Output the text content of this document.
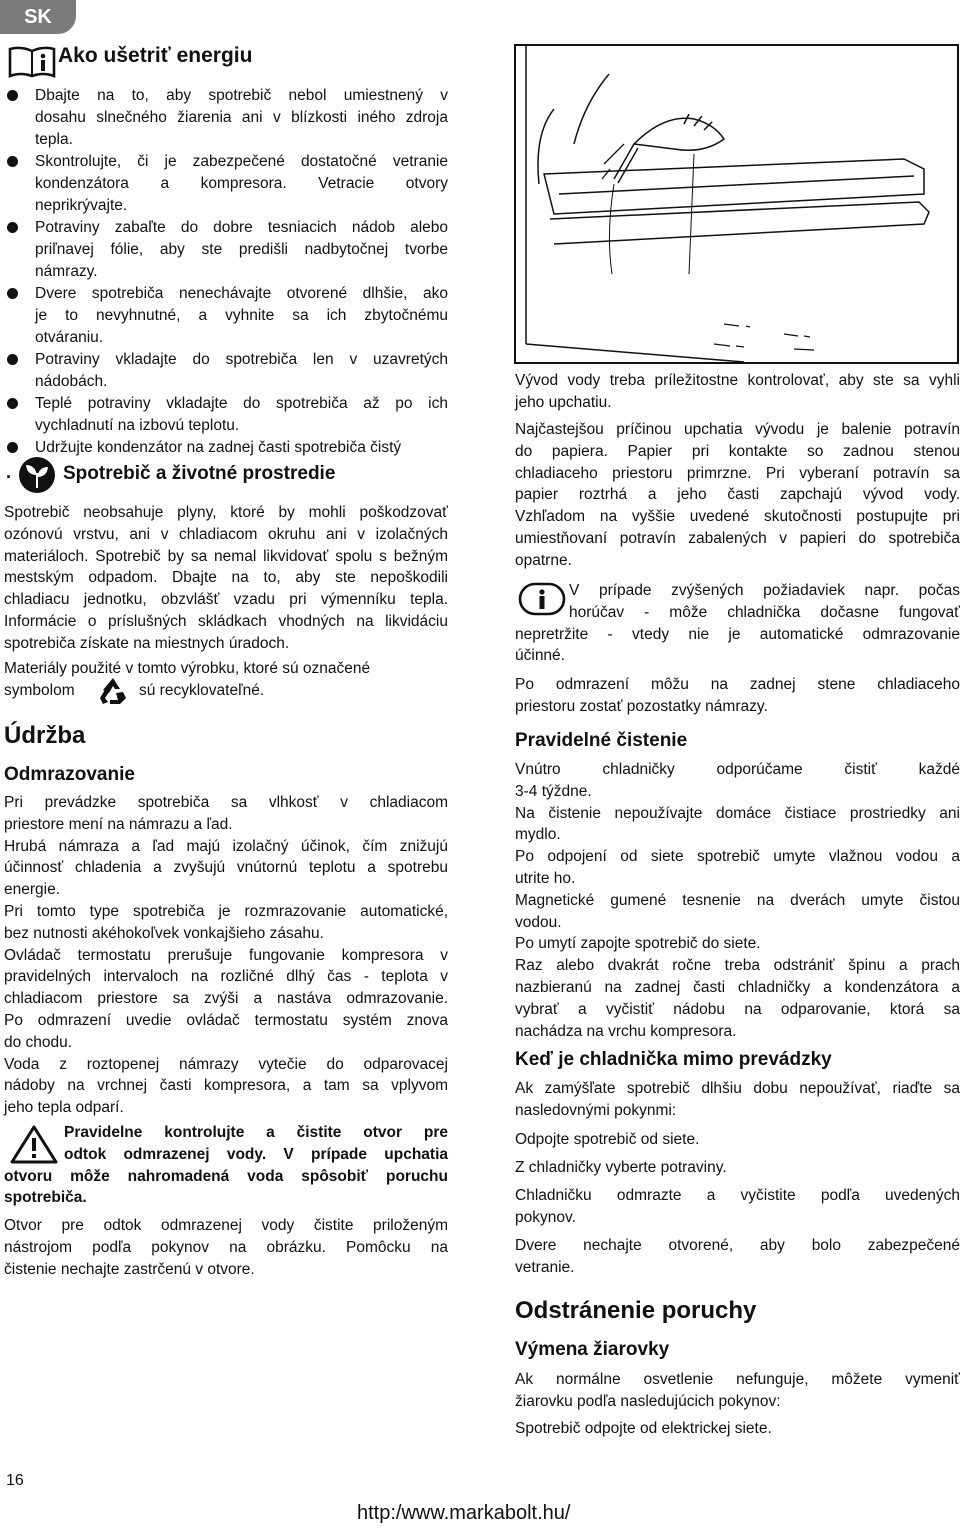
SK
Ako ušetriť energiu
Dbajte na to, aby spotrebič nebol umiestnený v
dosahu slnečného žiarenia ani v blízkosti iného zdroja
tepla.
Skontrolujte, či je zabezpečené dostatočné vetranie
kondenzátora a kompresora. Vetracie otvory
neprikrývajte.
Potraviny zabaľte do dobre tesniacich nádob alebo
priľnavej fólie, aby ste predišli nadbytočnej tvorbe
námrazy.
Dvere spotrebiča nenechávajte otvorené dlhšie, ako
je to nevyhnutné, a vyhnite sa ich zbytočnému
otváraniu.
Potraviny vkladajte do spotrebiča len v uzavretých
nádobách.
Teplé potraviny vkladajte do spotrebiča až po ich
vychladnutí na izbovú teplotu.
Udržujte kondenzátor na zadnej časti spotrebiča čistý
.	Spotrebič a životné prostredie
Spotrebič neobsahuje plyny, ktoré by mohli poškodzovať
ozónovú vrstvu, ani v chladiacom okruhu ani v izolačných
materiáloch. Spotrebič by sa nemal likvidovať spolu s bežným
mestským odpadom. Dbajte na to, aby ste nepoškodili
chladiacu jednotku, obzvlášť vzadu pri výmenníku tepla.
Informácie o príslušných skládkach vhodných na likvidáciu
spotrebiča získate na miestnych úradoch.
Materiály použité v tomto výrobku, ktoré sú označené
symbolom	sú recyklovateľné.
Údržba
Odmrazovanie
Pri prevádzke spotrebiča sa vlhkosť v chladiacom
priestore mení na námrazu a ľad.
Hrubá námraza a ľad majú izolačný účinok, čím znižujú
účinnosť chladenia a zvyšujú vnútornú teplotu a spotrebu
energie.
Pri tomto type spotrebiča je rozmrazovanie automatické,
bez nutnosti akéhokoľvek vonkajšieho zásahu.
Ovládač termostatu prerušuje fungovanie kompresora v
pravidelných intervaloch na rozličné dlhý čas - teplota v
chladiacom priestore sa zvýši a nastáva odmrazovanie.
Po odmrazení uvedie ovládač termostatu systém znova
do chodu.
Voda z roztopenej námrazy vytečie do odparovacej
nádoby na vrchnej časti kompresora, a tam sa vplyvom
jeho tepla odparí.
Pravidelne kontrolujte a čistite otvor pre
odtok odmrazenej vody. V prípade upchatia
otvoru môže nahromadená voda spôsobiť poruchu
spotrebiča.
Otvor pre odtok odmrazenej vody čistite priloženým
nástrojom podľa pokynov na obrázku. Pomôcku na
čistenie nechajte zastrčenú v otvore.
Vývod vody treba príležitostne kontrolovať, aby ste sa vyhli
jeho upchatiu.
Najčastejšou príčinou upchatia vývodu je balenie potravín
do papiera. Papier pri kontakte so zadnou stenou
chladiaceho priestoru primrzne. Pri vyberaní potravín sa
papier roztrhá a jeho časti zapchajú vývod vody.
Vzhľadom na vyššie uvedené skutočnosti postupujte pri
umiestňovaní potravín zabalených v papieri do spotrebiča
opatrne.
V prípade zvýšených požiadaviek napr. počas
horúčav - môže chladnička dočasne fungovať
nepretržite - vtedy nie je automatické odmrazovanie
účinné.
Po odmrazení môžu na zadnej stene chladiaceho
priestoru zostať pozostatky námrazy.
Pravidelné čistenie
Vnútro chladničky odporúčame čistiť každé
3-4 týždne.
Na čistenie nepoužívajte domáce čistiace prostriedky ani
mydlo.
Po odpojení od siete spotrebič umyte vlažnou vodou a
utrite ho.
Magnetické gumené tesnenie na dverách umyte čistou
vodou.
Po umytí zapojte spotrebič do siete.
Raz alebo dvakrát ročne treba odstrániť špinu a prach
nazbieranú na zadnej časti chladničky a kondenzátora a
vybrať a vyčistiť nádobu na odparovanie, ktorá sa
nachádza na vrchu kompresora.
Keď je chladnička mimo prevádzky
Ak zamýšľate spotrebič dlhšiu dobu nepoužívať, riaďte sa
nasledovnými pokynmi:
Odpojte spotrebič od siete.
Z chladničky vyberte potraviny.
Chladničku odmrazte a vyčistite podľa uvedených
pokynov.
Dvere nechajte otvorené, aby bolo zabezpečené
vetranie.
Odstránenie poruchy
Výmena žiarovky
Ak normálne osvetlenie nefunguje, môžete vymeniť
žiarovku podľa nasledujúcich pokynov:
Spotrebič odpojte od elektrickej siete.
16
http:/www.markabolt.hu/
